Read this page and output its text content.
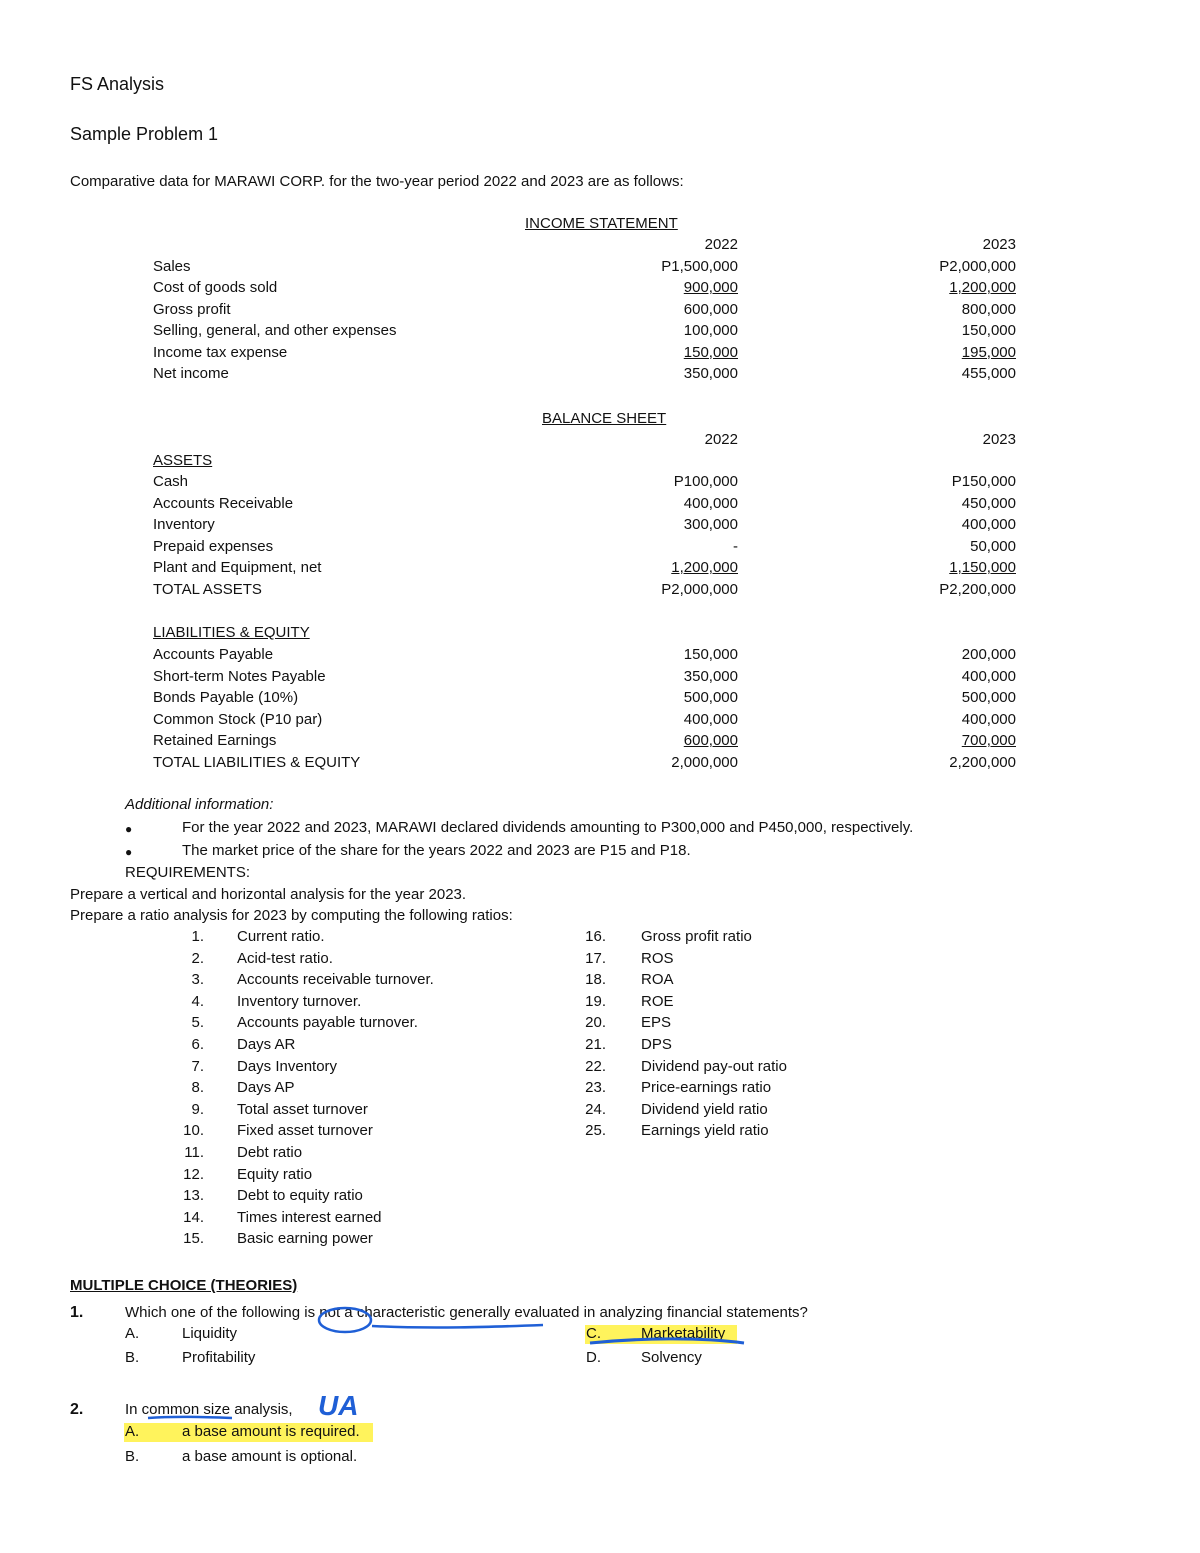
FS Analysis
Sample Problem 1
Comparative data for MARAWI CORP. for the two-year period 2022 and 2023 are as follows:
INCOME STATEMENT
2022	2023
Sales	P1,500,000	P2,000,000
Cost of goods sold	900,000	1,200,000
Gross profit	600,000	800,000
Selling, general, and other expenses	100,000	150,000
Income tax expense	150,000	195,000
Net income	350,000	455,000
BALANCE SHEET
2022	2023
ASSETS
Cash	P100,000	P150,000
Accounts Receivable	400,000	450,000
Inventory	300,000	400,000
Prepaid expenses	-	50,000
Plant and Equipment, net	1,200,000	1,150,000
TOTAL ASSETS	P2,000,000	P2,200,000
LIABILITIES & EQUITY
Accounts Payable	150,000	200,000
Short-term Notes Payable	350,000	400,000
Bonds Payable (10%)	500,000	500,000
Common Stock (P10 par)	400,000	400,000
Retained Earnings	600,000	700,000
TOTAL LIABILITIES & EQUITY	2,000,000	2,200,000
Additional information:
●	For the year 2022 and 2023, MARAWI declared dividends amounting to P300,000 and P450,000, respectively.
●	The market price of the share for the years 2022 and 2023 are P15 and P18.
REQUIREMENTS:
Prepare a vertical and horizontal analysis for the year 2023.
Prepare a ratio analysis for 2023 by computing the following ratios:
1. Current ratio.
2. Acid-test ratio.
3. Accounts receivable turnover.
4. Inventory turnover.
5. Accounts payable turnover.
6. Days AR
7. Days Inventory
8. Days AP
9. Total asset turnover
10. Fixed asset turnover
11. Debt ratio
12. Equity ratio
13. Debt to equity ratio
14. Times interest earned
15. Basic earning power
16. Gross profit ratio
17. ROS
18. ROA
19. ROE
20. EPS
21. DPS
22. Dividend pay-out ratio
23. Price-earnings ratio
24. Dividend yield ratio
25. Earnings yield ratio
MULTIPLE CHOICE (THEORIES)
1.	Which one of the following is not a characteristic generally evaluated in analyzing financial statements?
A.	Liquidity
B.	Profitability
C.	Marketability
D.	Solvency
2.	In common size analysis, UA
A.	a base amount is required.
B.	a base amount is optional.
